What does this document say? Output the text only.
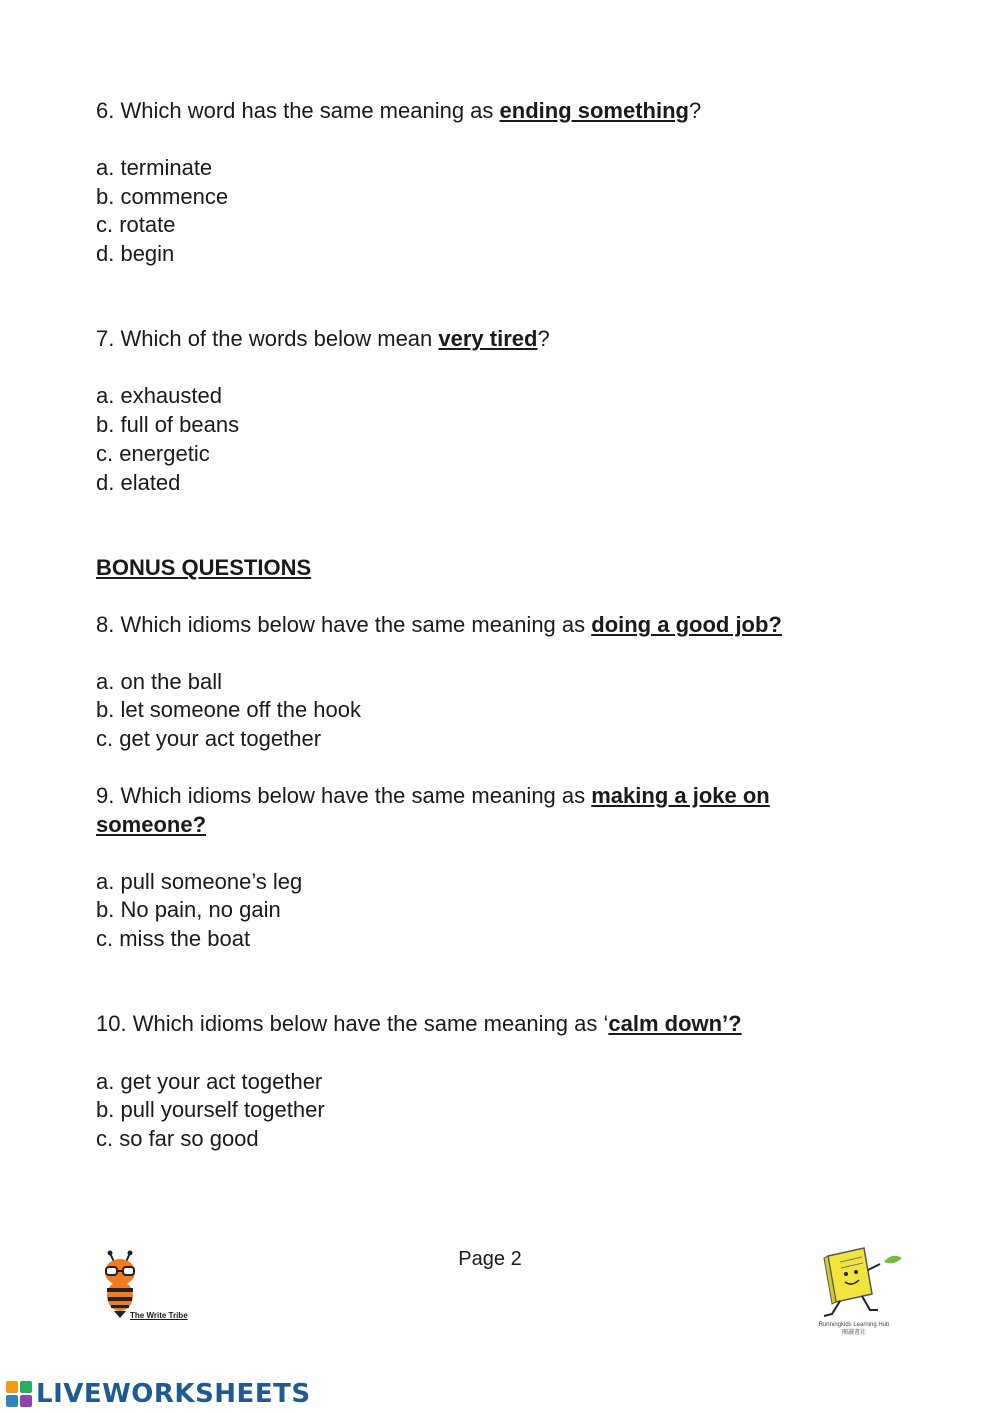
6. Which word has the same meaning as ending something?
a. terminate
b. commence
c. rotate
d. begin
7. Which of the words below mean very tired?
a. exhausted
b. full of beans
c. energetic
d. elated
BONUS QUESTIONS
8. Which idioms below have the same meaning as doing a good job?
a. on the ball
b. let someone off the hook
c. get your act together
9. Which idioms below have the same meaning as making a joke on
someone?
a. pull someone’s leg
b. No pain, no gain
c. miss the boat
10. Which idioms below have the same meaning as ‘calm down’?
a. get your act together
b. pull yourself together
c. so far so good
Page 2
The Write Tribe
Runningkids Learning Hub
閱讀書社
LIVEWORKSHEETS
